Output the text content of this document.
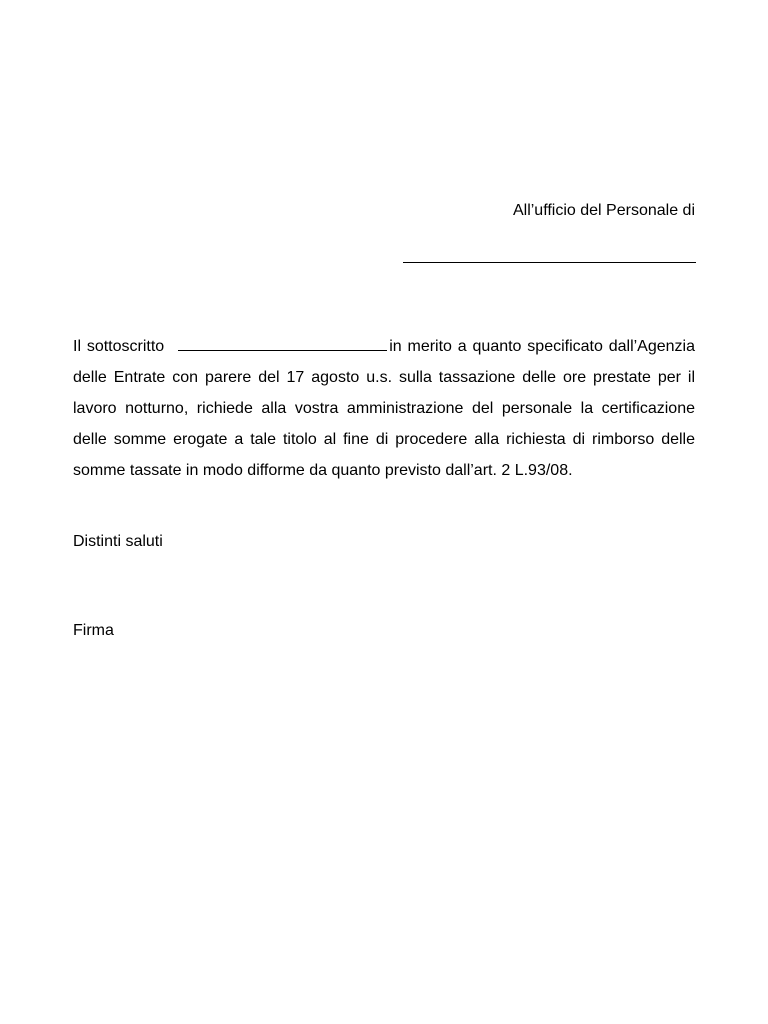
All’ufficio del Personale di

Il sottoscritto	in merito a quanto specificato dall’Agenzia delle Entrate con parere del 17 agosto u.s. sulla tassazione delle ore prestate per il lavoro notturno, richiede alla vostra amministrazione del personale la certificazione delle somme erogate a tale titolo al fine di procedere alla richiesta di rimborso delle somme tassate in modo difforme da quanto previsto dall’art. 2 L.93/08.

Distinti saluti

Firma
